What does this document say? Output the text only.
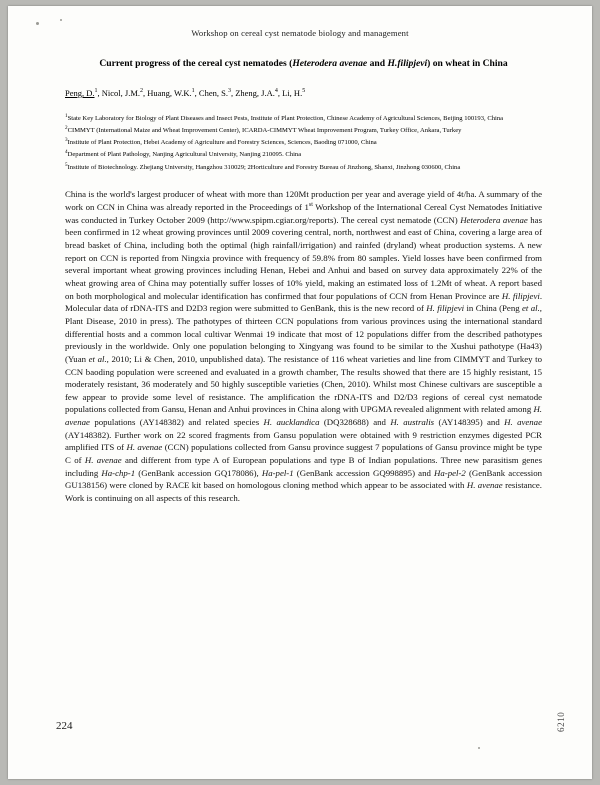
Workshop on cereal cyst nematode biology and management
Current progress of the cereal cyst nematodes (Heterodera avenae and H.filipjevi) on wheat in China
Peng, D.$^1$, Nicol, J.M.$^2$, Huang, W.K.$^1$, Chen, S.$^3$, Zheng, J.A.$^4$, Li, H.$^5$

$^1$State Key Laboratory for Biology of Plant Diseases and Insect Pests, Institute of Plant Protection, Chinese Academy of Agricultural Sciences, Beijing 100193, China

$^2$CIMMYT (International Maize and Wheat Improvement Center), ICARDA-CIMMYT Wheat Improvement Program, Turkey Office, Ankara, Turkey

$^3$Institute of Plant Protection, Hebei Academy of Agriculture and Forestry Sciences, Sciences, Baoding 071000, China

$^4$Department of Plant Pathology, Nanjing Agricultural University, Nanjing 210095. China

$^5$Institute of Biotechnology. Zhejiang University, Hangzhou 310029; 2Horticulture and Forestry Bureau of Jinzhong, Shanxi, Jinzhong 030600, China

China is the world's largest producer of wheat with more than 120Mt production per year and average yield of 4t/ha. A summary of the work on CCN in China was already reported in the Proceedings of 1st Workshop of the International Cereal Cyst Nematodes Initiative was conducted in Turkey October 2009 (http://www.spipm.cgiar.org/reports). The cereal cyst nematode (CCN) Heterodera avenae has been confirmed in 12 wheat growing provinces until 2009 covering central, north, northwest and east of China, covering a large area of bread basket of China, including both the optimal (high rainfall/irrigation) and rainfed (dryland) wheat production systems. A new report on CCN is reported from Ningxia province with frequency of 59.8% from 80 samples. Yield losses have been confirmed from several important wheat growing provinces including Henan, Hebei and Anhui and based on survey data approximately 22% of the wheat growing area of China may potentially suffer losses of 10% yield, making an estimated loss of 1.2Mt of wheat. A report based on both morphological and molecular identification has confirmed that four populations of CCN from Henan Province are H. filipjevi. Molecular data of rDNA-ITS and D2D3 region were submitted to GenBank, this is the new record of H. filipjevi in China (Peng et al., Plant Disease, 2010 in press). The pathotypes of thirteen CCN populations from various provinces using the international standard differential hosts and a common local cultivar Wenmai 19 indicate that most of 12 populations differ from the described pathotypes previously in the worldwide. Only one population belonging to Xingyang was found to be similar to the Xushui pathotype (Ha43) (Yuan et al., 2010; Li & Chen, 2010, unpublished data). The resistance of 116 wheat varieties and line from CIMMYT and Turkey to CCN baoding population were screened and evaluated in a growth chamber, The results showed that there are 15 highly resistant, 15 moderately resistant, 36 moderately and 50 highly susceptible varieties (Chen, 2010). Whilst most Chinese cultivars are susceptible a few appear to provide some level of resistance. The amplification the rDNA-ITS and D2/D3 regions of cereal cyst nematode populations collected from Gansu, Henan and Anhui provinces in China along with UPGMA revealed alignment with related among H. avenae populations (AY148382) and related species H. aucklandica (DQ328688) and H. australis (AY148395) and H. avenae (AY148382). Further work on 22 scored fragments from Gansu population were obtained with 9 restriction enzymes digested PCR amplified ITS of H. avenae (CCN) populations collected from Gansu province suggest 7 populations of Gansu province might be type C of H. avenae and different from type A of European populations and type B of Indian populations. Three new parasitism genes including Ha-chp-1 (GenBank accession GQ178086), Ha-pel-1 (GenBank accession GQ998895) and Ha-pel-2 (GenBank accession GU138156) were cloned by RACE kit based on homologous cloning method which appear to be associated with H. avenae resistance. Work is continuing on all aspects of this research.
224	6210
